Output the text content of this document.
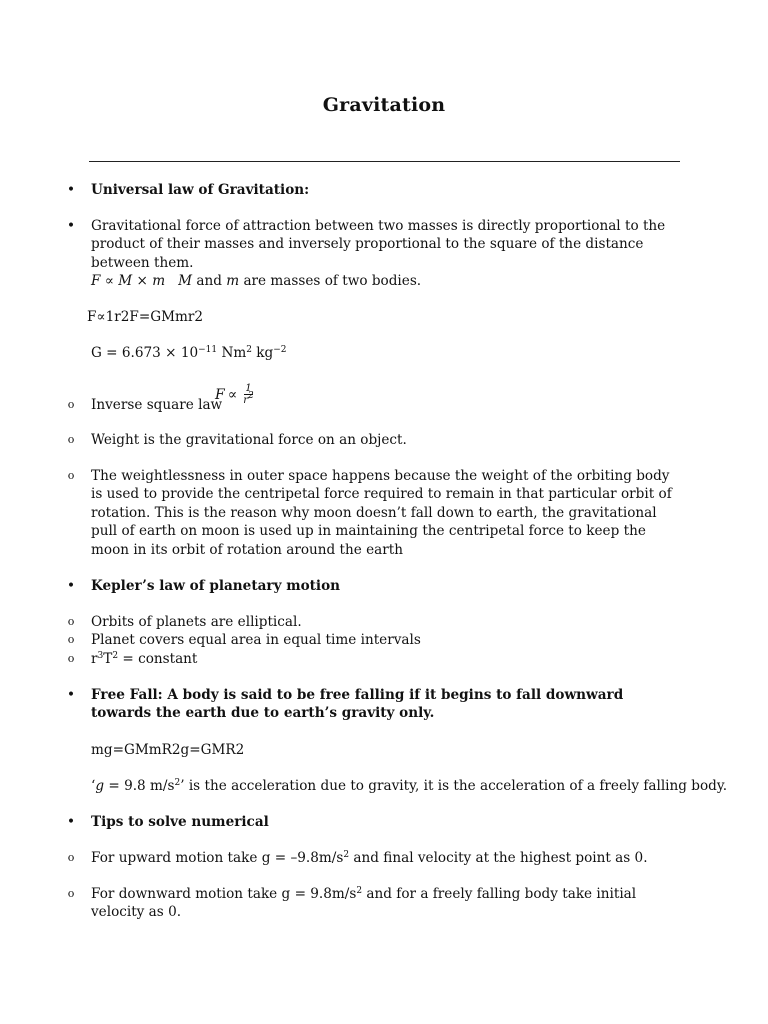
Gravitation
• Universal law of Gravitation:
• Gravitational force of attraction between two masses is directly proportional to the product of their masses and inversely proportional to the square of the distance between them.
F ∝ M × m M and m are masses of two bodies.
F∝1r2F=GMmr2
$G = 6.673 \times 10^{-11}$ Nm$^2$ $kg^{-2}$
o Inverse square law
$F \propto \frac{1}{r^2}$
o Weight is the gravitational force on an object.
o The weightlessness in outer space happens because the weight of the orbiting body is used to provide the centripetal force required to remain in that particular orbit of rotation. This is the reason why moon doesn’t fall down to earth, the gravitational pull of earth on moon is used up in maintaining the centripetal force to keep the moon in its orbit of rotation around the earth
• Kepler’s law of planetary motion
o Orbits of planets are elliptical.
o Planet covers equal area in equal time intervals
o $r^3T^2$ = constant
• Free Fall: A body is said to be free falling if it begins to fall downward towards the earth due to earth’s gravity only.
mg=GMmR2g=GMR2
‘g = 9.8 $m/s^2$’ is the acceleration due to gravity, it is the acceleration of a freely falling body.
• Tips to solve numerical
o For upward motion take $g = -9.8m/s^2$ and final velocity at the highest point as 0.
o For downward motion take $g = 9.8m/s^2$ and for a freely falling body take initial velocity as 0.
